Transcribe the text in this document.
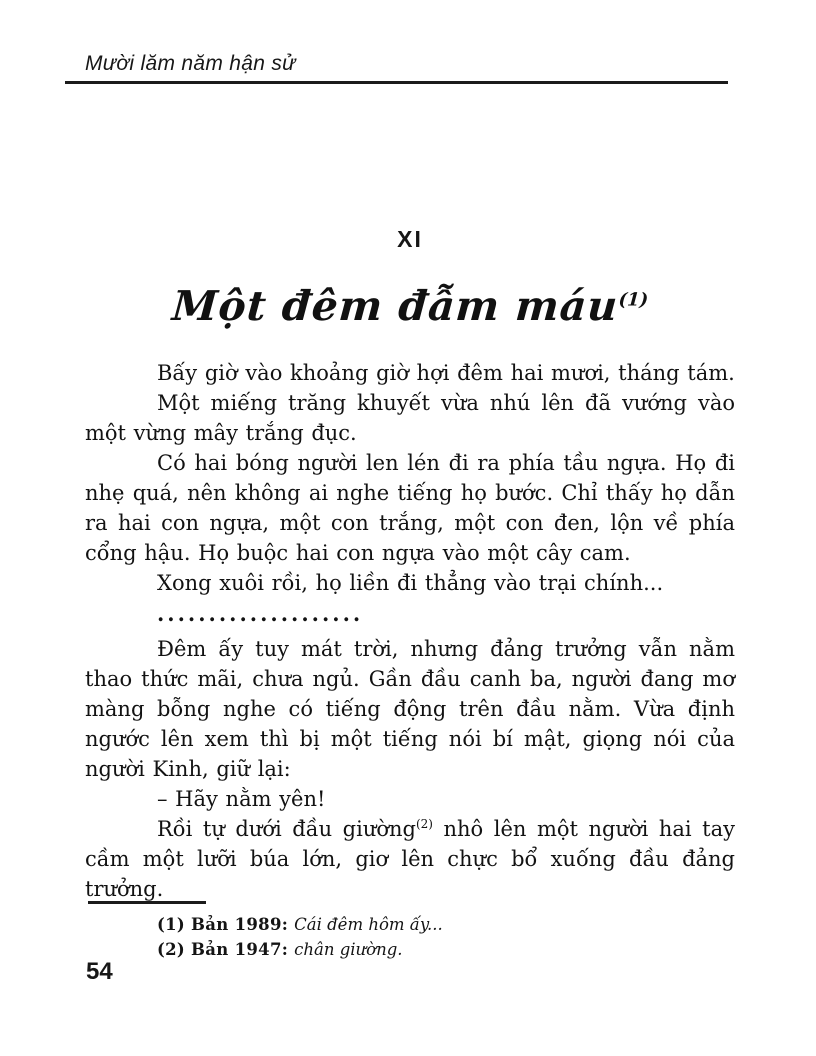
Mười lăm năm hận sử
XI
Một đêm đẫm máu$^{(1)}$

Bấy giờ vào khoảng giờ hợi đêm hai mươi, tháng tám.

Một miếng trăng khuyết vừa nhú lên đã vướng vào một vừng mây trắng đục.

Có hai bóng người len lén đi ra phía tầu ngựa. Họ đi nhẹ quá, nên không ai nghe tiếng họ bước. Chỉ thấy họ dẫn ra hai con ngựa, một con trắng, một con đen, lộn về phía cổng hậu. Họ buộc hai con ngựa vào một cây cam.

Xong xuôi rồi, họ liền đi thẳng vào trại chính...

....................

Đêm ấy tuy mát trời, nhưng đảng trưởng vẫn nằm thao thức mãi, chưa ngủ. Gần đầu canh ba, người đang mơ màng bỗng nghe có tiếng động trên đầu nằm. Vừa định ngước lên xem thì bị một tiếng nói bí mật, giọng nói của người Kinh, giữ lại:

– Hãy nằm yên!

Rồi tự dưới đầu giường$^{(2)}$ nhô lên một người hai tay cầm một lưỡi búa lớn, giơ lên chực bổ xuống đầu đảng trưởng.

(1) Bản 1989: Cái đêm hôm ấy...

(2) Bản 1947: chân giường.

54
